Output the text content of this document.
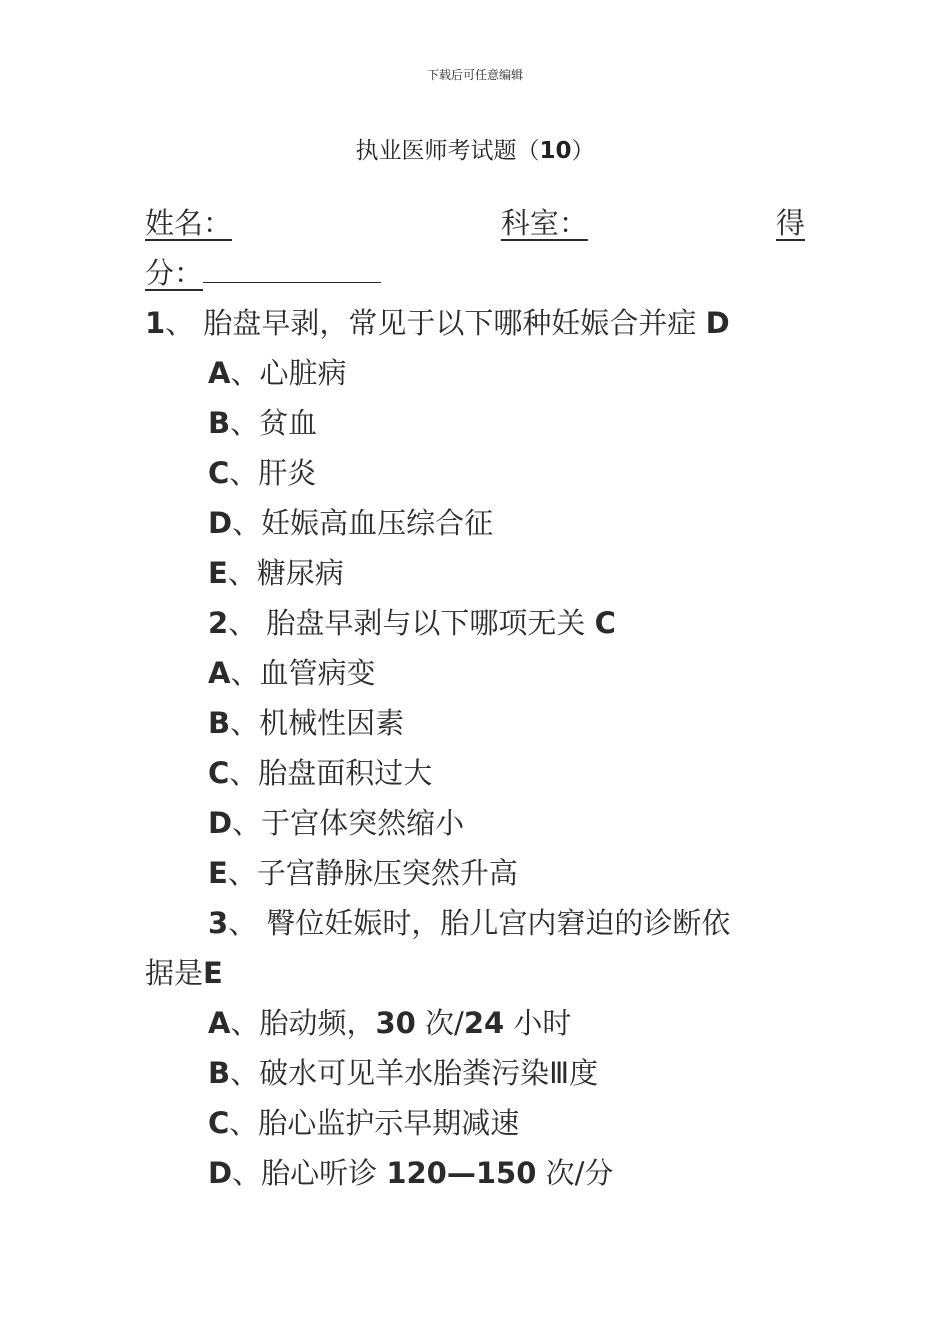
下载后可任意编辑
执业医师考试题（10）
姓名：	科室：	得
分：
1、 胎盘早剥，常见于以下哪种妊娠合并症 D
A、心脏病
B、贫血
C、肝炎
D、妊娠高血压综合征
E、糖尿病
2、 胎盘早剥与以下哪项无关 C
A、血管病变
B、机械性因素
C、胎盘面积过大
D、于宫体突然缩小
E、子宫静脉压突然升高
3、 臀位妊娠时，胎儿宫内窘迫的诊断依
据是E
A、胎动频，30 次/24 小时
B、破水可见羊水胎粪污染Ⅲ度
C、胎心监护示早期减速
D、胎心听诊 120—150 次/分
